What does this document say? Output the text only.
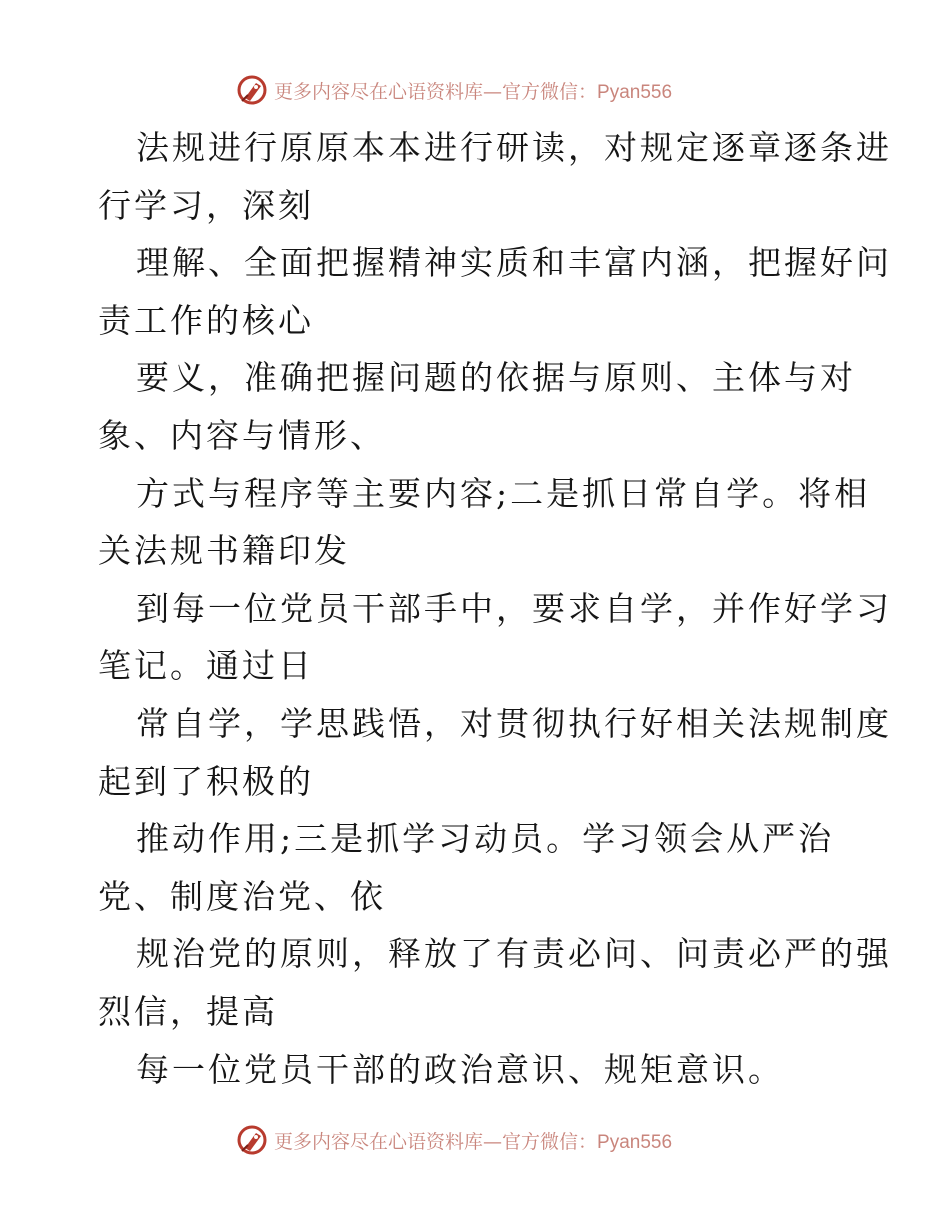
更多内容尽在心语资料库—官方微信：Pyan556
法规进行原原本本进行研读，对规定逐章逐条进
行学习，深刻
理解、全面把握精神实质和丰富内涵，把握好问
责工作的核心
要义，准确把握问题的依据与原则、主体与对
象、内容与情形、
方式与程序等主要内容;二是抓日常自学。将相
关法规书籍印发
到每一位党员干部手中，要求自学，并作好学习
笔记。通过日
常自学，学思践悟，对贯彻执行好相关法规制度
起到了积极的
推动作用;三是抓学习动员。学习领会从严治
党、制度治党、依
规治党的原则，释放了有责必问、问责必严的强
烈信，提高
每一位党员干部的政治意识、规矩意识。
更多内容尽在心语资料库—官方微信：Pyan556
